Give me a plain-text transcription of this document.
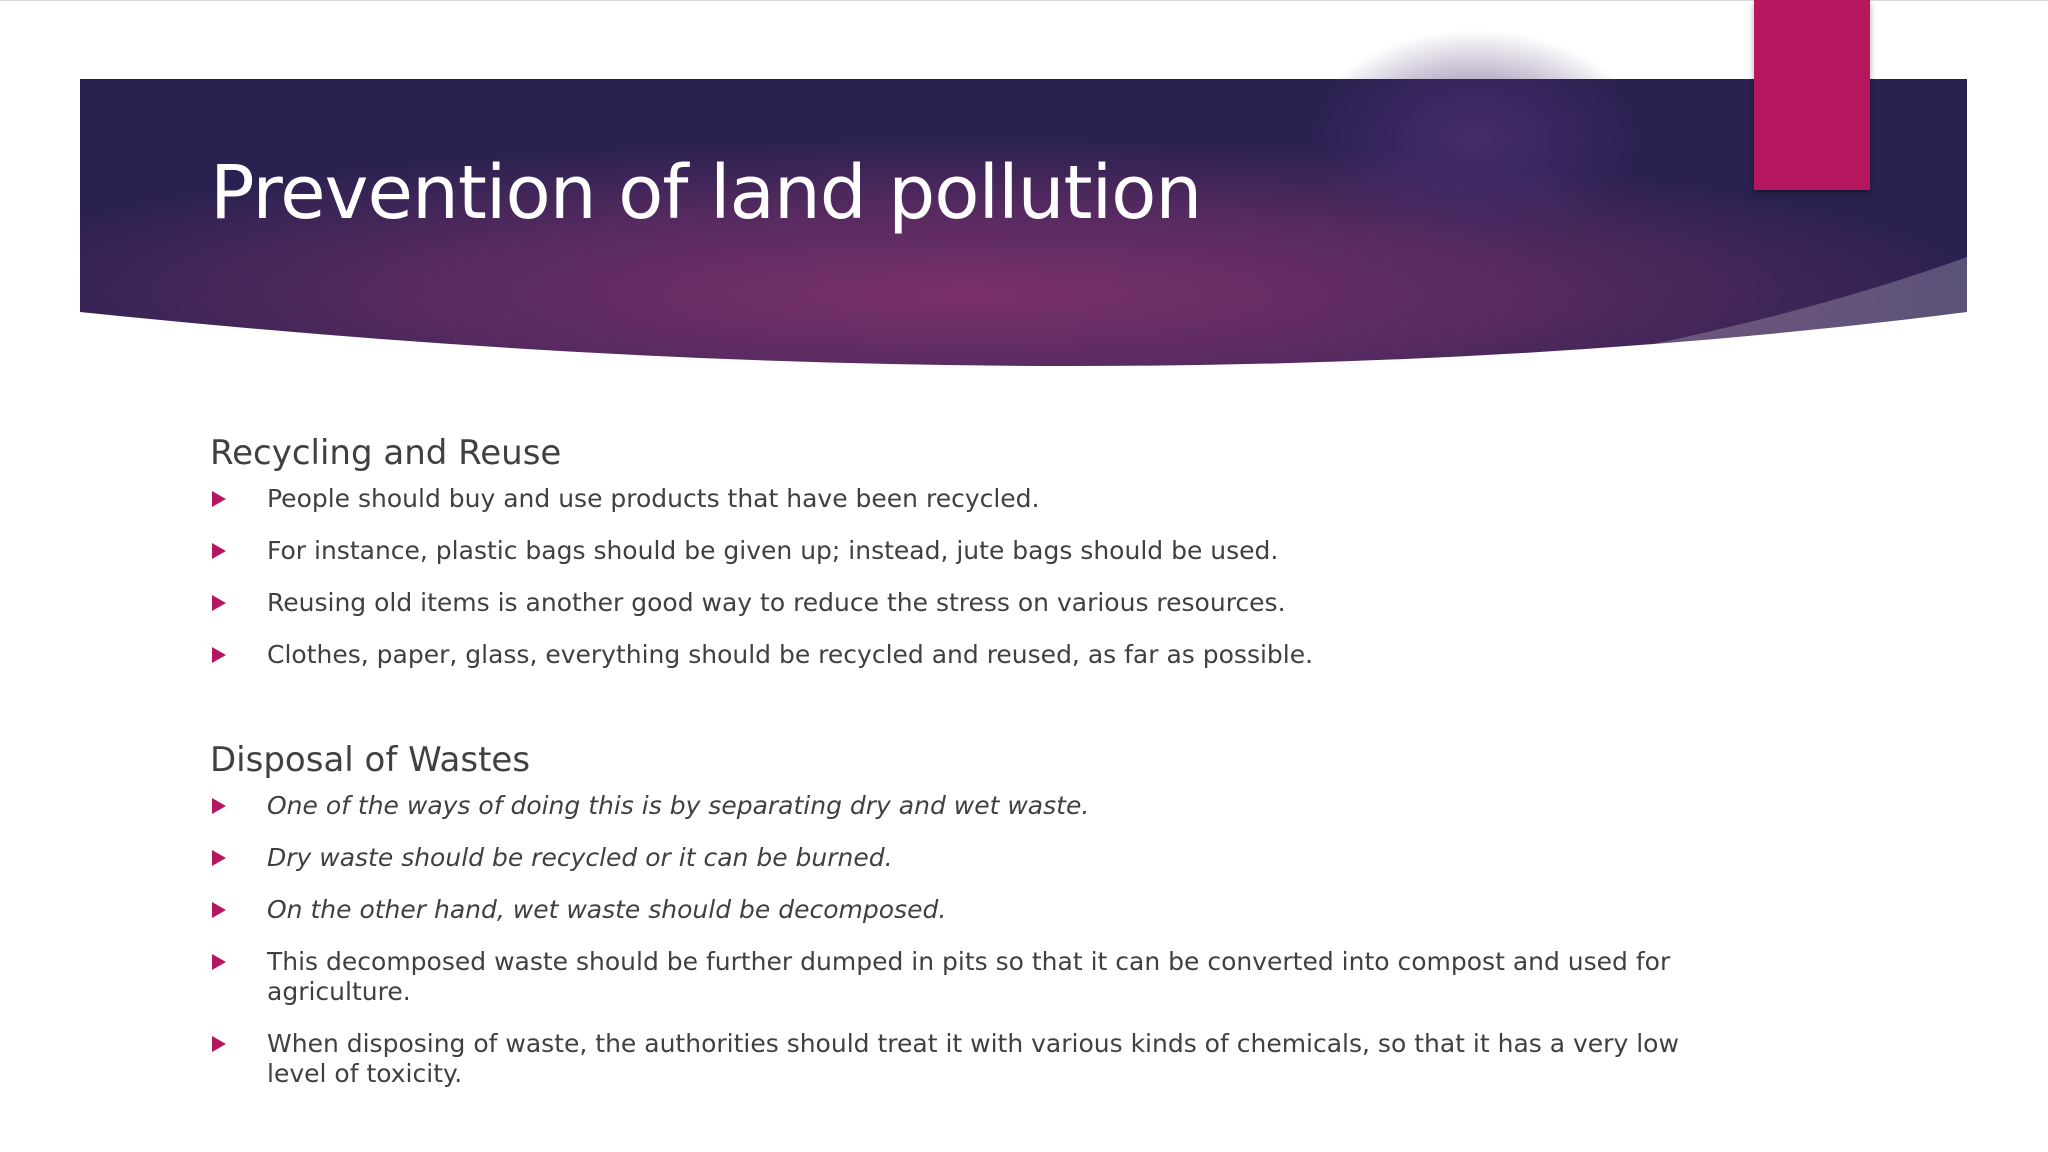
Prevention of land pollution
Recycling and Reuse
People should buy and use products that have been recycled.
For instance, plastic bags should be given up; instead, jute bags should be used.
Reusing old items is another good way to reduce the stress on various resources.
Clothes, paper, glass, everything should be recycled and reused, as far as possible.
Disposal of Wastes
One of the ways of doing this is by separating dry and wet waste.
Dry waste should be recycled or it can be burned.
On the other hand, wet waste should be decomposed.
This decomposed waste should be further dumped in pits so that it can be converted into compost and used for agriculture.
When disposing of waste, the authorities should treat it with various kinds of chemicals, so that it has a very low level of toxicity.
